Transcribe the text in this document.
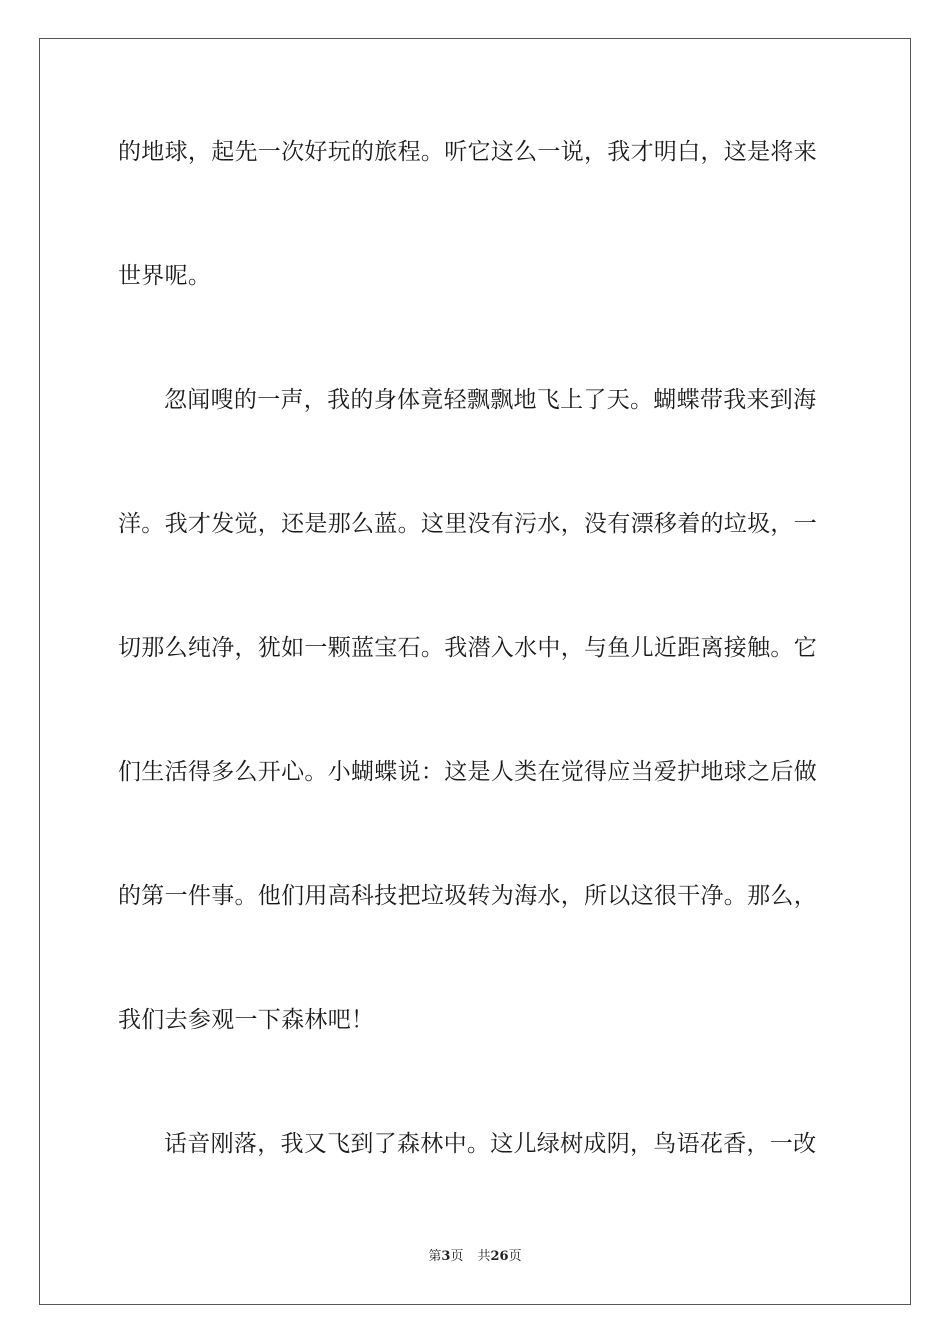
的地球，起先一次好玩的旅程。听它这么一说，我才明白，这是将来
世界呢。
忽闻嗖的一声，我的身体竟轻飘飘地飞上了天。蝴蝶带我来到海
洋。我才发觉，还是那么蓝。这里没有污水，没有漂移着的垃圾，一
切那么纯净，犹如一颗蓝宝石。我潜入水中，与鱼儿近距离接触。它
们生活得多么开心。小蝴蝶说：这是人类在觉得应当爱护地球之后做
的第一件事。他们用高科技把垃圾转为海水，所以这很干净。那么，
我们去参观一下森林吧！
话音刚落，我又飞到了森林中。这儿绿树成阴，鸟语花香，一改
第3页 共26页
